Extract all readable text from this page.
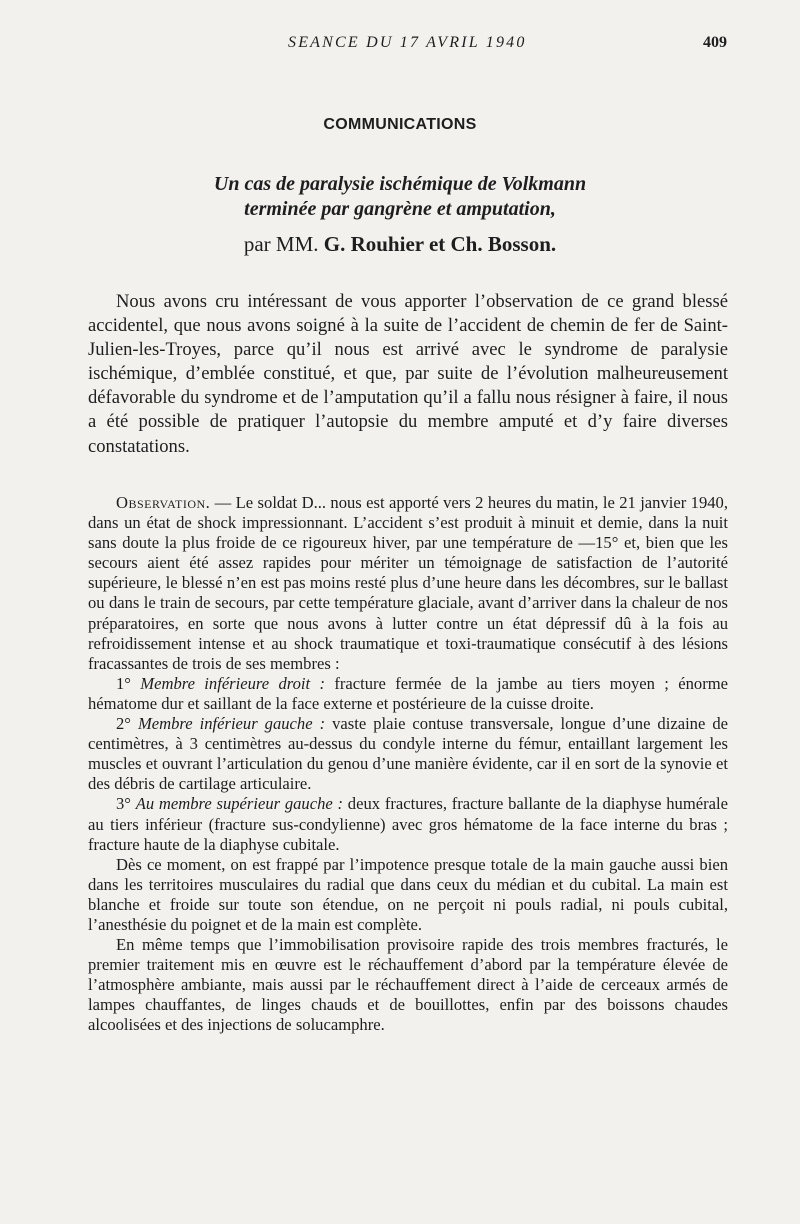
SEANCE DU 17 AVRIL 1940	409
COMMUNICATIONS
Un cas de paralysie ischémique de Volkmann
terminée par gangrène et amputation,
par MM. G. Rouhier et Ch. Bosson.

Nous avons cru intéressant de vous apporter l’observation de ce grand blessé accidentel, que nous avons soigné à la suite de l’accident de chemin de fer de Saint-Julien-les-Troyes, parce qu’il nous est arrivé avec le syndrome de paralysie ischémique, d’emblée constitué, et que, par suite de l’évolution malheureusement défavorable du syndrome et de l’amputation qu’il a fallu nous résigner à faire, il nous a été possible de pratiquer l’autopsie du membre amputé et d’y faire diverses constatations.

Observation. — Le soldat D... nous est apporté vers 2 heures du matin, le 21 janvier 1940, dans un état de shock impressionnant. L’accident s’est produit à minuit et demie, dans la nuit sans doute la plus froide de ce rigoureux hiver, par une température de —15° et, bien que les secours aient été assez rapides pour mériter un témoignage de satisfaction de l’autorité supérieure, le blessé n’en est pas moins resté plus d’une heure dans les décombres, sur le ballast ou dans le train de secours, par cette température glaciale, avant d’arriver dans la chaleur de nos préparatoires, en sorte que nous avons à lutter contre un état dépressif dû à la fois au refroidissement intense et au shock traumatique et toxi-traumatique consécutif à des lésions fracassantes de trois de ses membres :

1° Membre inférieure droit : fracture fermée de la jambe au tiers moyen ; énorme hématome dur et saillant de la face externe et postérieure de la cuisse droite.

2° Membre inférieur gauche : vaste plaie contuse transversale, longue d’une dizaine de centimètres, à 3 centimètres au-dessus du condyle interne du fémur, entaillant largement les muscles et ouvrant l’articulation du genou d’une manière évidente, car il en sort de la synovie et des débris de cartilage articulaire.

3° Au membre supérieur gauche : deux fractures, fracture ballante de la diaphyse humérale au tiers inférieur (fracture sus-condylienne) avec gros hématome de la face interne du bras ; fracture haute de la diaphyse cubitale.

Dès ce moment, on est frappé par l’impotence presque totale de la main gauche aussi bien dans les territoires musculaires du radial que dans ceux du médian et du cubital. La main est blanche et froide sur toute son étendue, on ne perçoit ni pouls radial, ni pouls cubital, l’anesthésie du poignet et de la main est complète.

En même temps que l’immobilisation provisoire rapide des trois membres fracturés, le premier traitement mis en œuvre est le réchauffement d’abord par la température élevée de l’atmosphère ambiante, mais aussi par le réchauffement direct à l’aide de cerceaux armés de lampes chauffantes, de linges chauds et de bouillottes, enfin par des boissons chaudes alcoolisées et des injections de solucamphre.
